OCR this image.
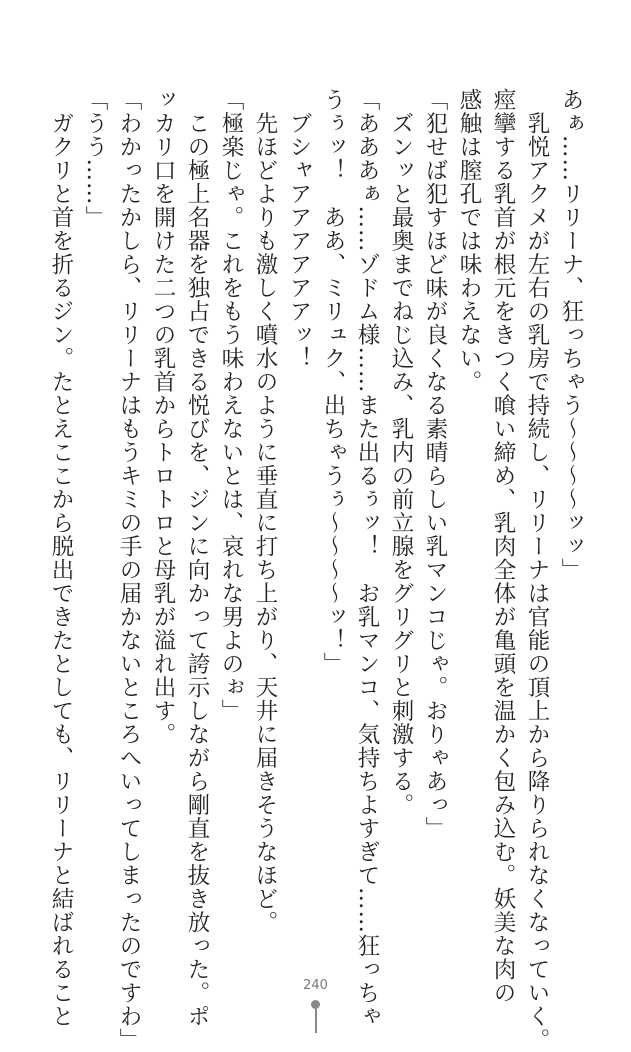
あぁ……リリーナ、狂っちゃう〜〜〜〜ッッ」
　乳悦アクメが左右の乳房で持続し、リリーナは官能の頂上から降りられなくなっていく。
痙攣する乳首が根元をきつく喰い締め、乳肉全体が亀頭を温かく包み込む。妖美な肉の
感触は膣孔では味わえない。
「犯せば犯すほど味が良くなる素晴らしい乳マンコじゃ。おりゃあっ」
　ズンッと最奥までねじ込み、乳内の前立腺をグリグリと刺激する。
「あああぁ……ゾドム様……また出るぅッ！　お乳マンコ、気持ちよすぎて……狂っちゃ
うぅッ！　ああ、ミリュク、出ちゃうぅ〜〜〜〜ッ！」
　ブシャアアアアアアッ！
　先ほどよりも激しく噴水のように垂直に打ち上がり、天井に届きそうなほど。
「極楽じゃ。これをもう味わえないとは、哀れな男よのぉ」
　この極上名器を独占できる悦びを、ジンに向かって誇示しながら剛直を抜き放った。ポ
ッカリ口を開けた二つの乳首からトロトロと母乳が溢れ出す。
「わかったかしら、リリーナはもうキミの手の届かないところへいってしまったのですわ」
「うう……」
　ガクリと首を折るジン。たとえここから脱出できたとしても、リリーナと結ばれること	240
